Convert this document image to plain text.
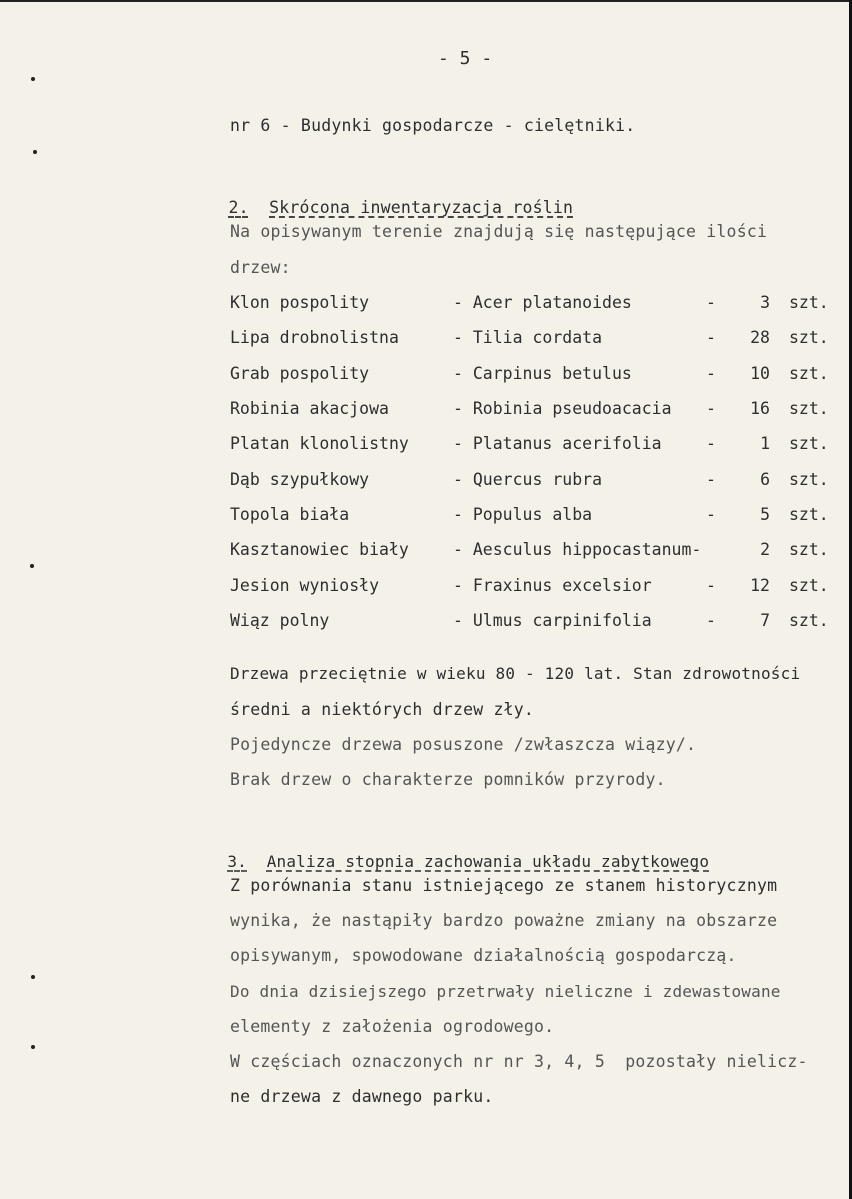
- 5 -
nr 6 - Budynki gospodarcze - cielętniki.

2. Skrócona inwentaryzacja roślin

Na opisywanym terenie znajdują się następujące ilości
drzew:
Klon pospolity	- Acer platanoides	-	3 szt.
Lipa drobnolistna	- Tilia cordata	-	28 szt.
Grab pospolity	- Carpinus betulus	-	10 szt.
Robinia akacjowa	- Robinia pseudoacacia -	16 szt.
Platan klonolistny	- Platanus acerifolia	-	1 szt.
Dąb szypułkowy	- Quercus rubra	-	6 szt.
Topola biała	- Populus alba	-	5 szt.
Kasztanowiec biały	- Aesculus hippocastanum-	2 szt.
Jesion wyniosły	- Fraxinus excelsior	-	12 szt.
Wiąz polny	- Ulmus carpinifolia	-	7 szt.
Drzewa przeciętnie w wieku 80 - 120 lat. Stan zdrowotności
średni a niektórych drzew zły.
Pojedyncze drzewa posuszone /zwłaszcza wiązy/.
Brak drzew o charakterze pomników przyrody.

3. Analiza stopnia zachowania układu zabytkowego

Z porównania stanu istniejącego ze stanem historycznym
wynika, że nastąpiły bardzo poważne zmiany na obszarze
opisywanym, spowodowane działalnością gospodarczą.
Do dnia dzisiejszego przetrwały nieliczne i zdewastowane
elementy z założenia ogrodowego.
W częściach oznaczonych nr nr 3, 4, 5  pozostały nielicz-
ne drzewa z dawnego parku.
